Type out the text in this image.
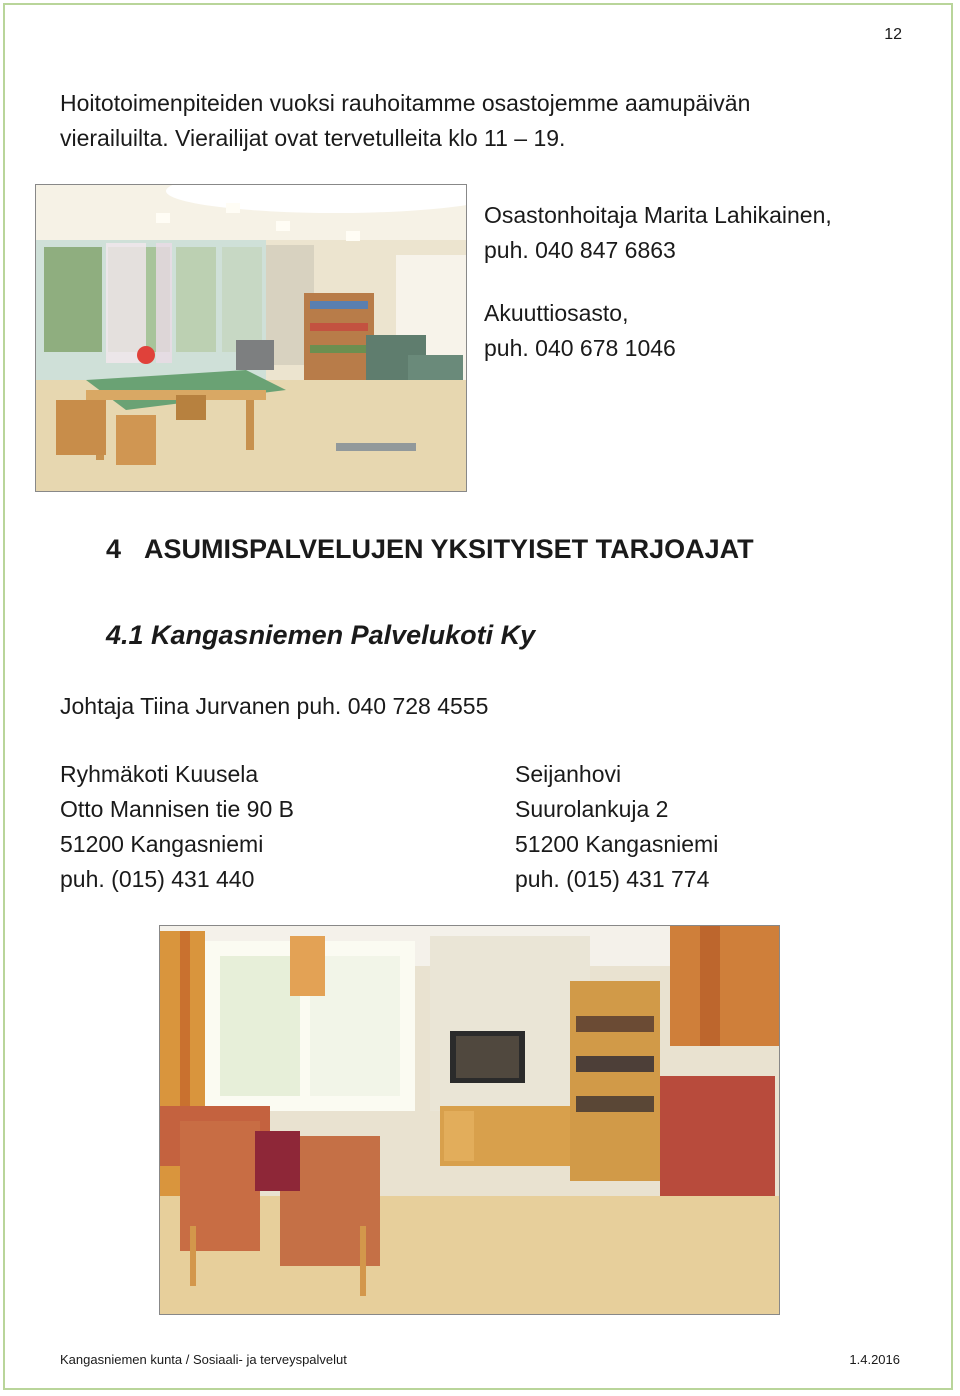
12
Hoitotoimenpiteiden vuoksi rauhoitamme osastojemme aamupäivän
vierailuilta. Vierailijat ovat tervetulleita klo 11 – 19.
Osastonhoitaja Marita Lahikainen,
puh. 040 847 6863
Akuuttiosasto,
puh. 040 678 1046
4 ASUMISPALVELUJEN YKSITYISET TARJOAJAT
4.1 Kangasniemen Palvelukoti Ky
Johtaja Tiina Jurvanen puh. 040 728 4555
Ryhmäkoti Kuusela
Otto Mannisen tie 90 B
51200 Kangasniemi
puh. (015) 431 440
Seijanhovi
Suurolankuja 2
51200 Kangasniemi
puh. (015) 431 774
Kangasniemen kunta / Sosiaali- ja terveyspalvelut	1.4.2016
